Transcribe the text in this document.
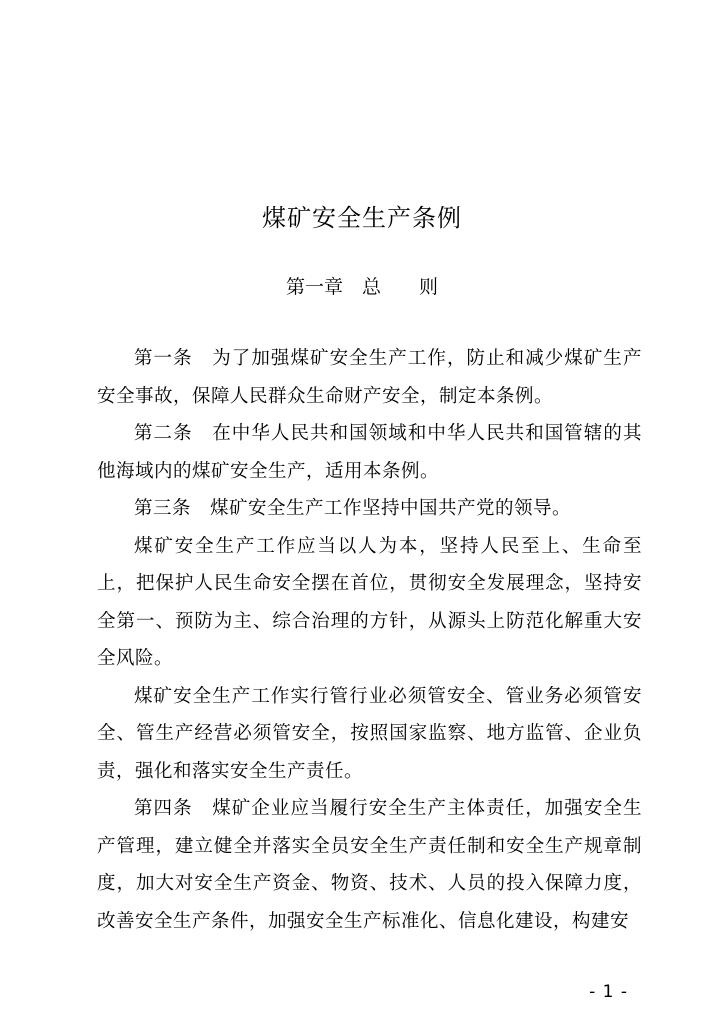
煤矿安全生产条例
第一章　总　　则

第一条　为了加强煤矿安全生产工作，防止和减少煤矿生产安全事故，保障人民群众生命财产安全，制定本条例。

第二条　在中华人民共和国领域和中华人民共和国管辖的其他海域内的煤矿安全生产，适用本条例。

第三条　煤矿安全生产工作坚持中国共产党的领导。

煤矿安全生产工作应当以人为本，坚持人民至上、生命至上，把保护人民生命安全摆在首位，贯彻安全发展理念，坚持安全第一、预防为主、综合治理的方针，从源头上防范化解重大安全风险。

煤矿安全生产工作实行管行业必须管安全、管业务必须管安全、管生产经营必须管安全，按照国家监察、地方监管、企业负责，强化和落实安全生产责任。

第四条　煤矿企业应当履行安全生产主体责任，加强安全生产管理，建立健全并落实全员安全生产责任制和安全生产规章制度，加大对安全生产资金、物资、技术、人员的投入保障力度，改善安全生产条件，加强安全生产标准化、信息化建设，构建安

- 1 -
